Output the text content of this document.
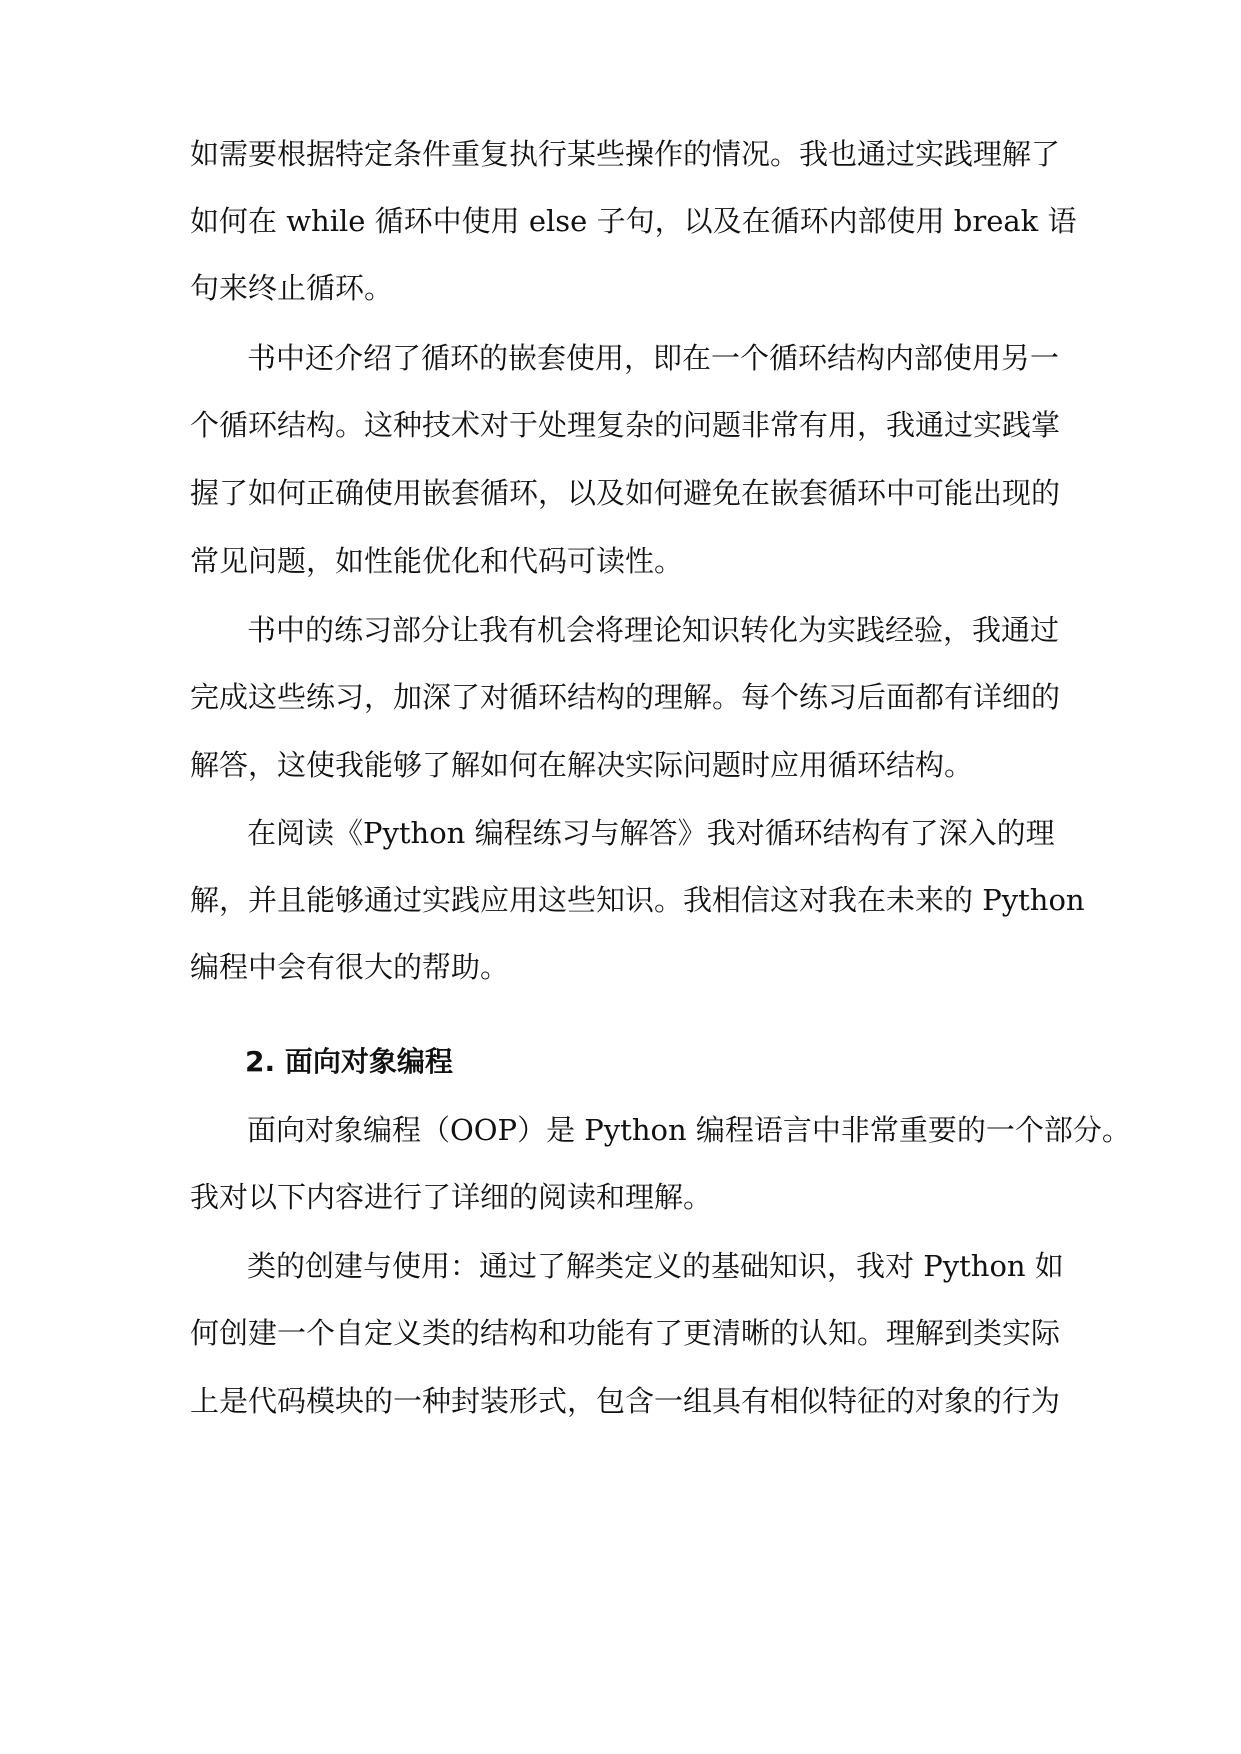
如需要根据特定条件重复执行某些操作的情况。我也通过实践理解了
如何在 while 循环中使用 else 子句，以及在循环内部使用 break 语
句来终止循环。
书中还介绍了循环的嵌套使用，即在一个循环结构内部使用另一
个循环结构。这种技术对于处理复杂的问题非常有用，我通过实践掌
握了如何正确使用嵌套循环，以及如何避免在嵌套循环中可能出现的
常见问题，如性能优化和代码可读性。
书中的练习部分让我有机会将理论知识转化为实践经验，我通过
完成这些练习，加深了对循环结构的理解。每个练习后面都有详细的
解答，这使我能够了解如何在解决实际问题时应用循环结构。
在阅读《Python 编程练习与解答》我对循环结构有了深入的理
解，并且能够通过实践应用这些知识。我相信这对我在未来的 Python
编程中会有很大的帮助。
2. 面向对象编程
面向对象编程（OOP）是 Python 编程语言中非常重要的一个部分。
我对以下内容进行了详细的阅读和理解。
类的创建与使用：通过了解类定义的基础知识，我对 Python 如
何创建一个自定义类的结构和功能有了更清晰的认知。理解到类实际
上是代码模块的一种封装形式，包含一组具有相似特征的对象的行为
